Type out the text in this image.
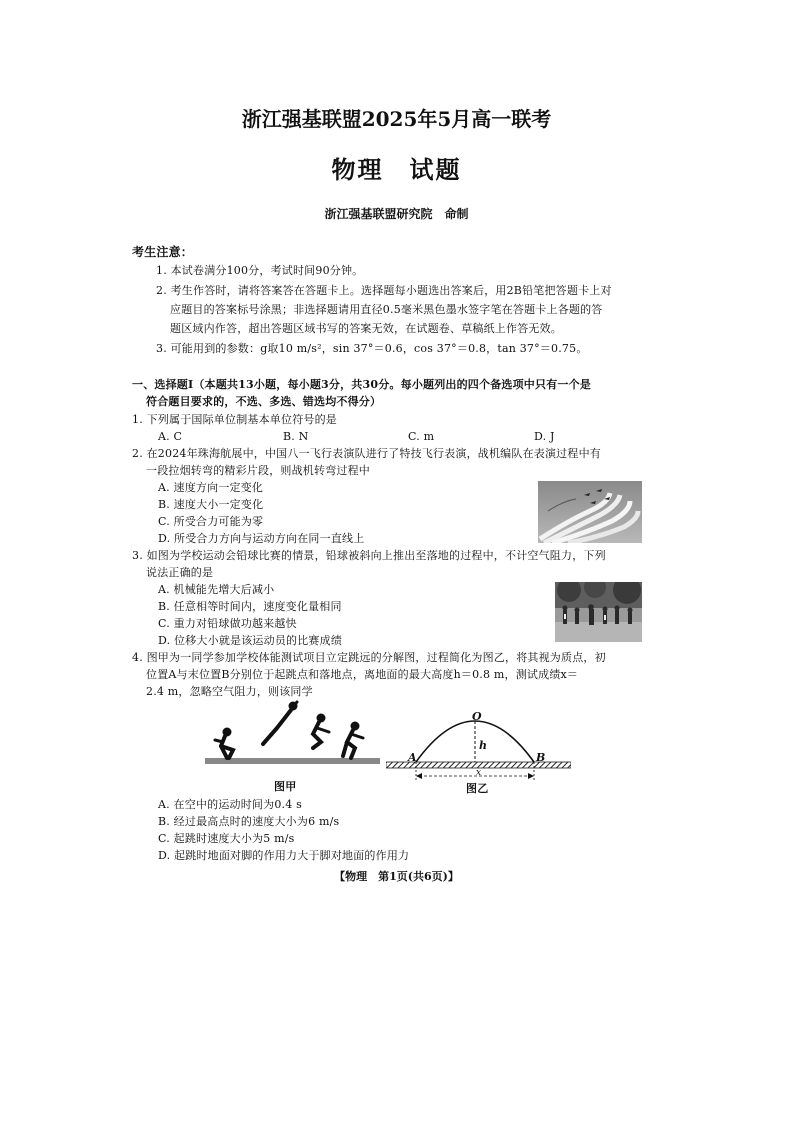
浙江强基联盟2025年5月高一联考
物理　试题
浙江强基联盟研究院　命制
考生注意：
1. 本试卷满分100分，考试时间90分钟。
2. 考生作答时，请将答案答在答题卡上。选择题每小题选出答案后，用2B铅笔把答题卡上对
应题目的答案标号涂黑；非选择题请用直径0.5毫米黑色墨水签字笔在答题卡上各题的答
题区域内作答，超出答题区域书写的答案无效，在试题卷、草稿纸上作答无效。
3. 可能用到的参数：g取10 m/s²，sin 37°＝0.6，cos 37°＝0.8，tan 37°＝0.75。
一、选择题Ⅰ（本题共13小题，每小题3分，共30分。每小题列出的四个备选项中只有一个是
符合题目要求的，不选、多选、错选均不得分）
1. 下列属于国际单位制基本单位符号的是
A. C	B. N	C. m	D. J
2. 在2024年珠海航展中，中国八一飞行表演队进行了特技飞行表演，战机编队在表演过程中有
一段拉烟转弯的精彩片段，则战机转弯过程中
A. 速度方向一定变化
B. 速度大小一定变化
C. 所受合力可能为零
D. 所受合力方向与运动方向在同一直线上
3. 如图为学校运动会铅球比赛的情景，铅球被斜向上推出至落地的过程中，不计空气阻力，下列
说法正确的是
A. 机械能先增大后减小
B. 任意相等时间内，速度变化量相同
C. 重力对铅球做功越来越快
D. 位移大小就是该运动员的比赛成绩
4. 图甲为一同学参加学校体能测试项目立定跳远的分解图，过程简化为图乙，将其视为质点，初
位置A与末位置B分别位于起跳点和落地点，离地面的最大高度h＝0.8 m，测试成绩x＝
2.4 m，忽略空气阻力，则该同学
图甲
O
h
A	B
x
图乙
A. 在空中的运动时间为0.4 s
B. 经过最高点时的速度大小为6 m/s
C. 起跳时速度大小为5 m/s
D. 起跳时地面对脚的作用力大于脚对地面的作用力
【物理　第1页(共6页)】
